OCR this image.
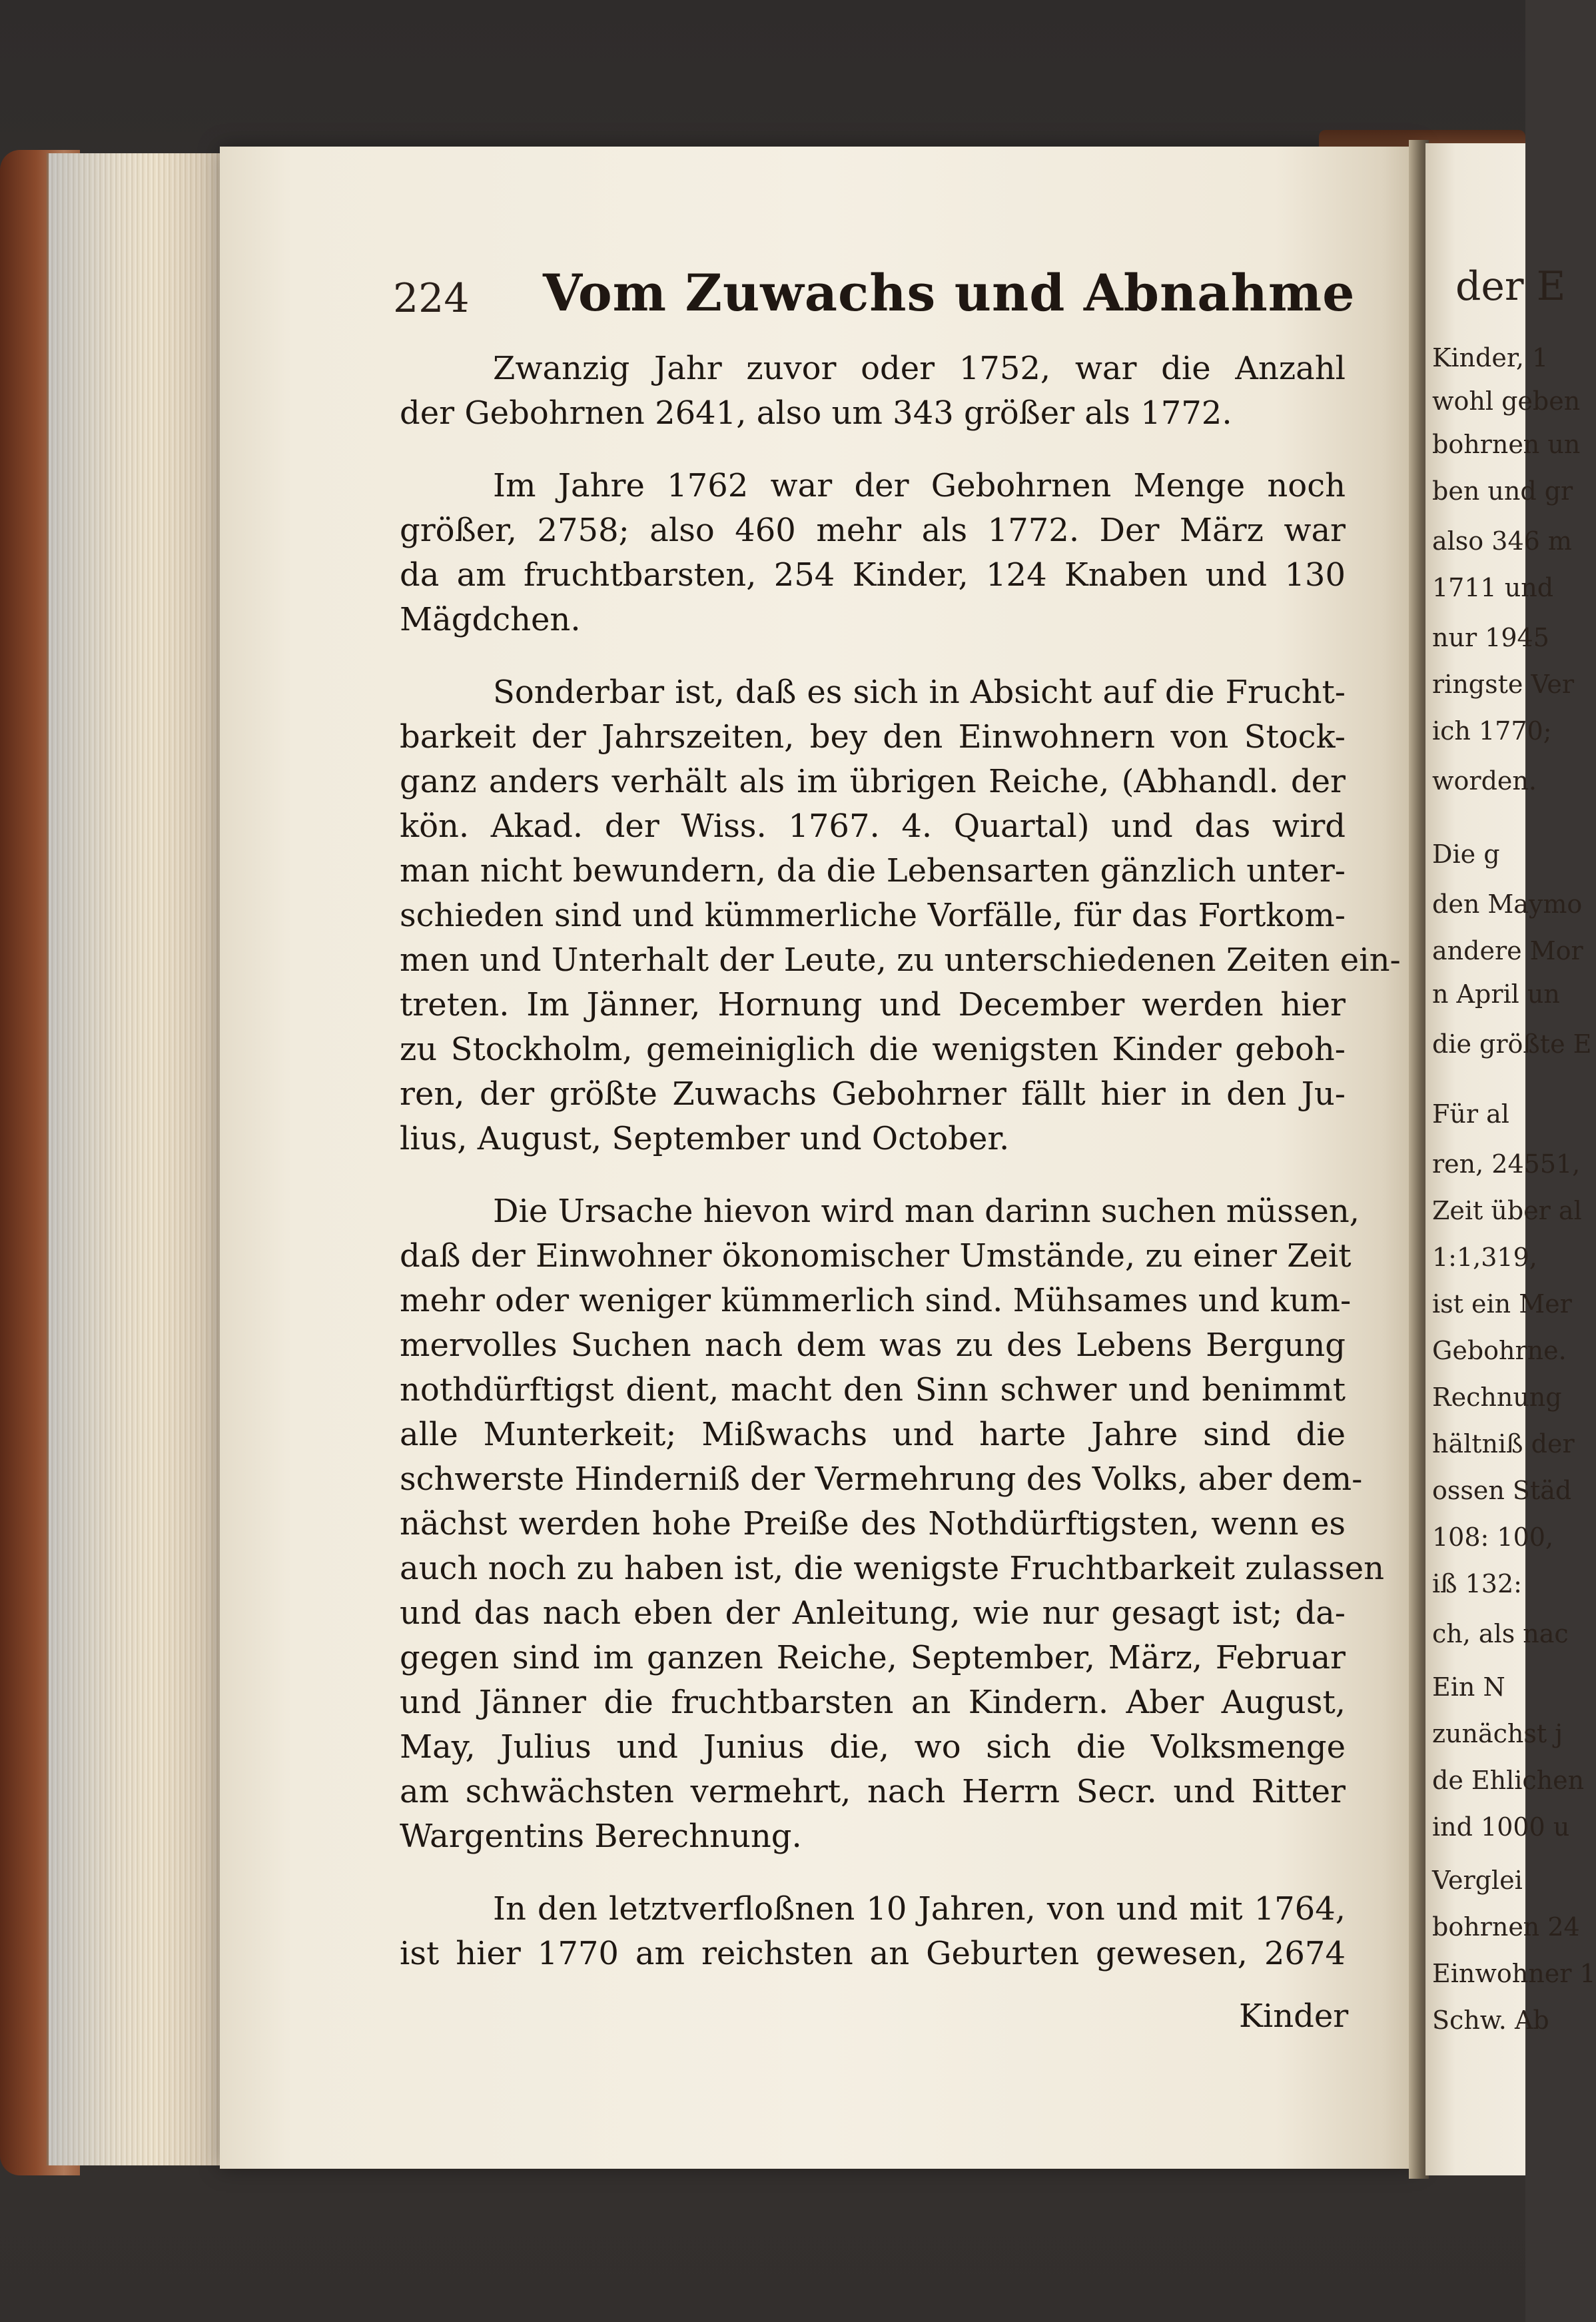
224 Vom Zuwachs und Abnahme

Zwanzig Jahr zuvor oder 1752, war die Anzahl
der Gebohrnen 2641, also um 343 größer als 1772.

Im Jahre 1762 war der Gebohrnen Menge noch
größer, 2758; also 460 mehr als 1772. Der März war
da am fruchtbarsten, 254 Kinder, 124 Knaben und 130
Mägdchen.

Sonderbar ist, daß es sich in Absicht auf die Frucht-
barkeit der Jahrszeiten, bey den Einwohnern von Stock-
ganz anders verhält als im übrigen Reiche, (Abhandl. der
kön. Akad. der Wiss. 1767. 4. Quartal) und das wird
man nicht bewundern, da die Lebensarten gänzlich unter-
schieden sind und kümmerliche Vorfälle, für das Fortkom-
men und Unterhalt der Leute, zu unterschiedenen Zeiten ein-
treten. Im Jänner, Hornung und December werden hier
zu Stockholm, gemeiniglich die wenigsten Kinder geboh-
ren, der größte Zuwachs Gebohrner fällt hier in den Ju-
lius, August, September und October.

Die Ursache hievon wird man darinn suchen müssen,
daß der Einwohner ökonomischer Umstände, zu einer Zeit
mehr oder weniger kümmerlich sind. Mühsames und kum-
mervolles Suchen nach dem was zu des Lebens Bergung
nothdürftigst dient, macht den Sinn schwer und benimmt
alle Munterkeit; Mißwachs und harte Jahre sind die
schwerste Hinderniß der Vermehrung des Volks, aber dem-
nächst werden hohe Preiße des Nothdürftigsten, wenn es
auch noch zu haben ist, die wenigste Fruchtbarkeit zulassen
und das nach eben der Anleitung, wie nur gesagt ist; da-
gegen sind im ganzen Reiche, September, März, Februar
und Jänner die fruchtbarsten an Kindern. Aber August,
May, Julius und Junius die, wo sich die Volksmenge
am schwächsten vermehrt, nach Herrn Secr. und Ritter
Wargentins Berechnung.

In den letztverfloßnen 10 Jahren, von und mit 1764,
ist hier 1770 am reichsten an Geburten gewesen, 2674

Kinder
der E
Kinder, 1
wohl geben
bohrnen un
ben und gr
also 346 m
1711 und
nur 1945
ringste Ver
ich 1770;
worden.
Die g
den Maymo
andere Mor
n April un
die größte E
Für al
ren, 24551,
Zeit über al
1:1,319,
ist ein Mer
Gebohrne.
Rechnung
hältniß der
ossen Städ
108: 100,
iß 132:
ch, als nac
Ein N
zunächst j
de Ehlichen
ind 1000 u
Verglei
bohrnen 24
Einwohner 1
Schw. Ab
